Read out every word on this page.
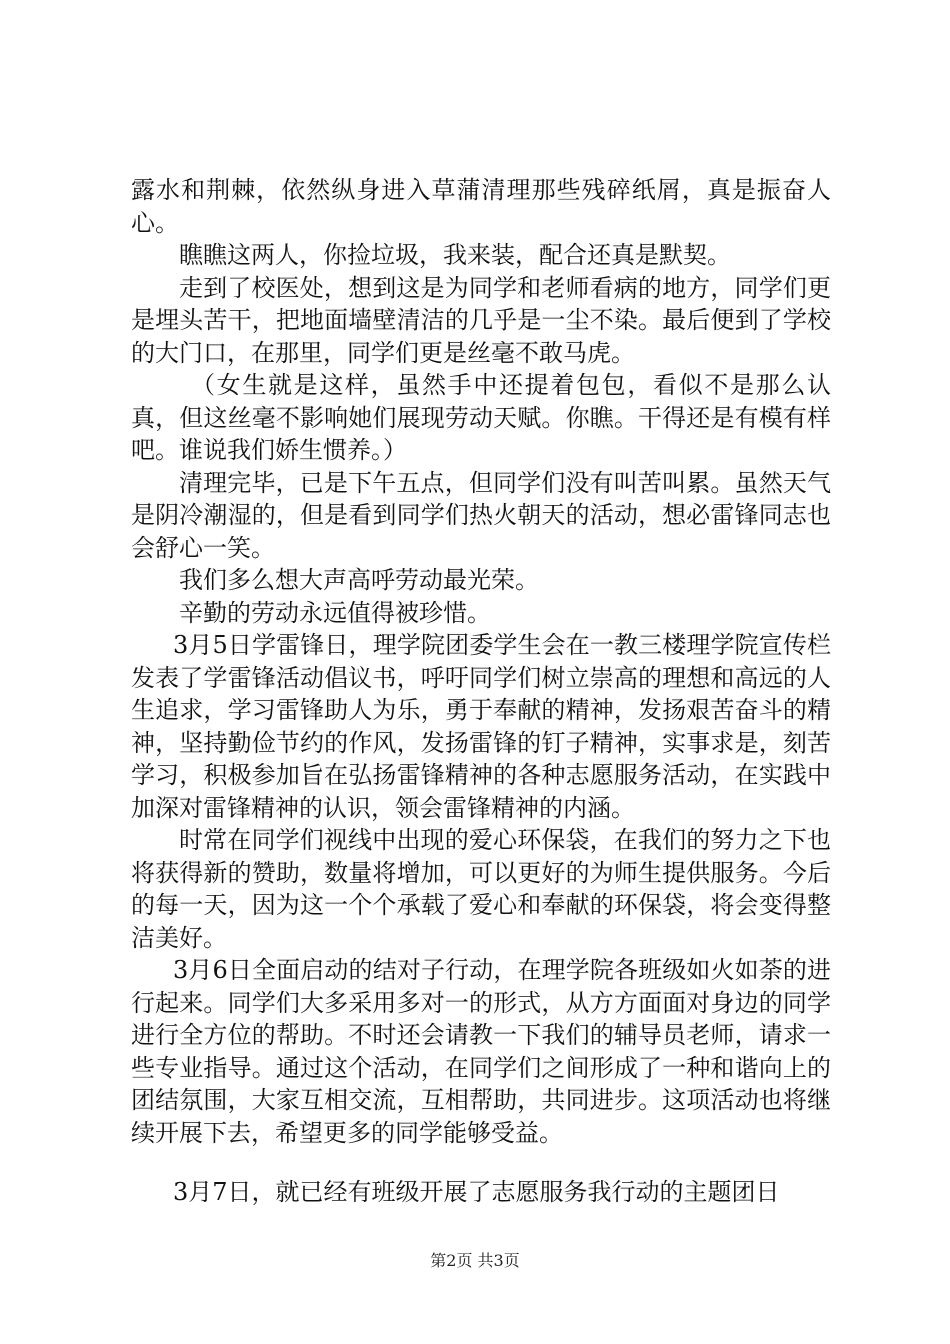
露水和荆棘，依然纵身进入草蒲清理那些残碎纸屑，真是振奋人心。

瞧瞧这两人，你捡垃圾，我来装，配合还真是默契。

走到了校医处，想到这是为同学和老师看病的地方，同学们更是埋头苦干，把地面墙壁清洁的几乎是一尘不染。最后便到了学校的大门口，在那里，同学们更是丝毫不敢马虎。

（女生就是这样，虽然手中还提着包包，看似不是那么认真，但这丝毫不影响她们展现劳动天赋。你瞧。干得还是有模有样吧。谁说我们娇生惯养。）

清理完毕，已是下午五点，但同学们没有叫苦叫累。虽然天气是阴冷潮湿的，但是看到同学们热火朝天的活动，想必雷锋同志也会舒心一笑。

我们多么想大声高呼劳动最光荣。

辛勤的劳动永远值得被珍惜。

3月5日学雷锋日，理学院团委学生会在一教三楼理学院宣传栏发表了学雷锋活动倡议书，呼吁同学们树立崇高的理想和高远的人生追求，学习雷锋助人为乐，勇于奉献的精神，发扬艰苦奋斗的精神，坚持勤俭节约的作风，发扬雷锋的钉子精神，实事求是，刻苦学习，积极参加旨在弘扬雷锋精神的各种志愿服务活动，在实践中加深对雷锋精神的认识，领会雷锋精神的内涵。

时常在同学们视线中出现的爱心环保袋，在我们的努力之下也将获得新的赞助，数量将增加，可以更好的为师生提供服务。今后的每一天，因为这一个个承载了爱心和奉献的环保袋，将会变得整洁美好。

3月6日全面启动的结对子行动，在理学院各班级如火如荼的进行起来。同学们大多采用多对一的形式，从方方面面对身边的同学进行全方位的帮助。不时还会请教一下我们的辅导员老师，请求一些专业指导。通过这个活动，在同学们之间形成了一种和谐向上的团结氛围，大家互相交流，互相帮助，共同进步。这项活动也将继续开展下去，希望更多的同学能够受益。

3月7日，就已经有班级开展了志愿服务我行动的主题团日

第2页 共3页
